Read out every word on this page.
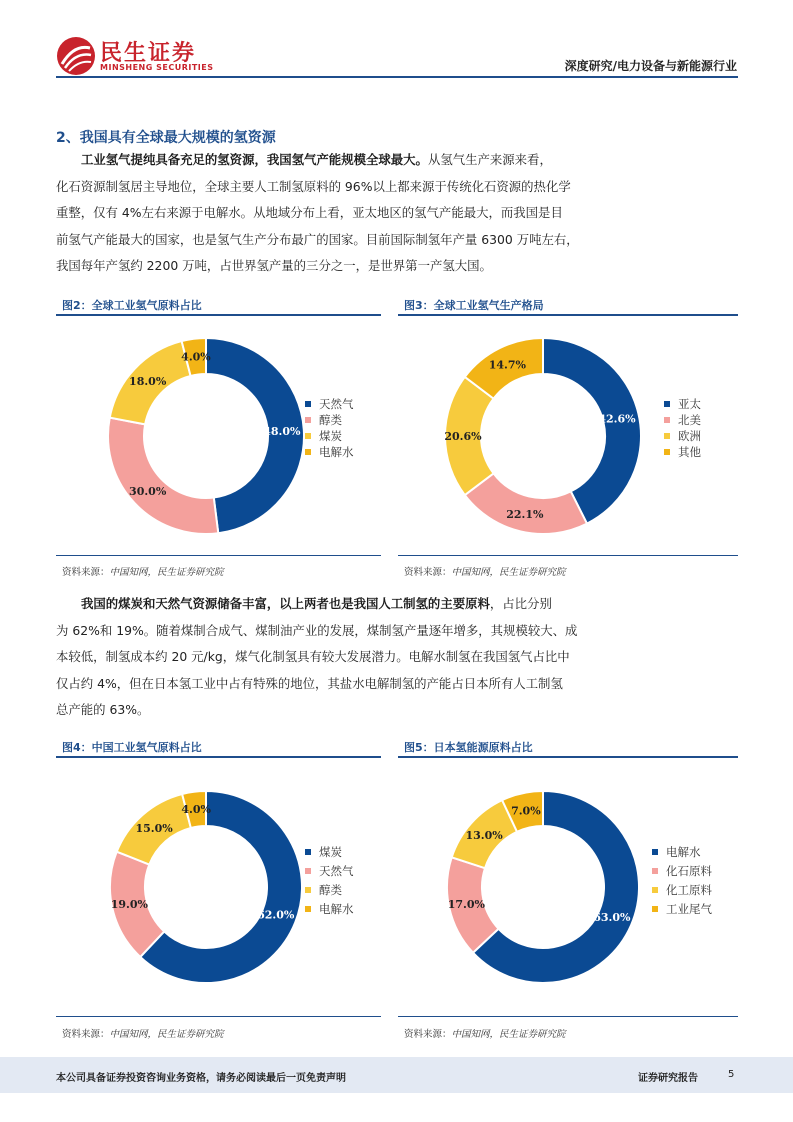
民生证券
MINSHENG SECURITIES	深度研究/电力设备与新能源行业
2、我国具有全球最大规模的氢资源
工业氢气提纯具备充足的氢资源，我国氢气产能规模全球最大。从氢气生产来源来看，
化石资源制氢居主导地位，全球主要人工制氢原料的 96%以上都来源于传统化石资源的热化学
重整，仅有 4%左右来源于电解水。从地域分布上看，亚太地区的氢气产能最大，而我国是目
前氢气产能最大的国家，也是氢气生产分布最广的国家。目前国际制氢年产量 6300 万吨左右，
我国每年产氢约 2200 万吨，占世界氢产量的三分之一，是世界第一产氢大国。
图2：全球工业氢气原料占比
48.0%
30.0%
18.0%
4.0%
天然气
醇类
煤炭
电解水
资料来源：中国知网，民生证券研究院
图3：全球工业氢气生产格局
42.6%
22.1%
20.6%
14.7%
亚太
北美
欧洲
其他
资料来源：中国知网，民生证券研究院
我国的煤炭和天然气资源储备丰富，以上两者也是我国人工制氢的主要原料，占比分别
为 62%和 19%。随着煤制合成气、煤制油产业的发展，煤制氢产量逐年增多，其规模较大、成
本较低，制氢成本约 20 元/kg，煤气化制氢具有较大发展潜力。电解水制氢在我国氢气占比中
仅占约 4%，但在日本氢工业中占有特殊的地位，其盐水电解制氢的产能占日本所有人工制氢
总产能的 63%。
图4：中国工业氢气原料占比
62.0%
19.0%
15.0%
4.0%
煤炭
天然气
醇类
电解水
资料来源：中国知网，民生证券研究院
图5：日本氢能源原料占比
63.0%
17.0%
13.0%
7.0%
电解水
化石原料
化工原料
工业尾气
资料来源：中国知网，民生证券研究院
本公司具备证券投资咨询业务资格，请务必阅读最后一页免责声明	证券研究报告	5
